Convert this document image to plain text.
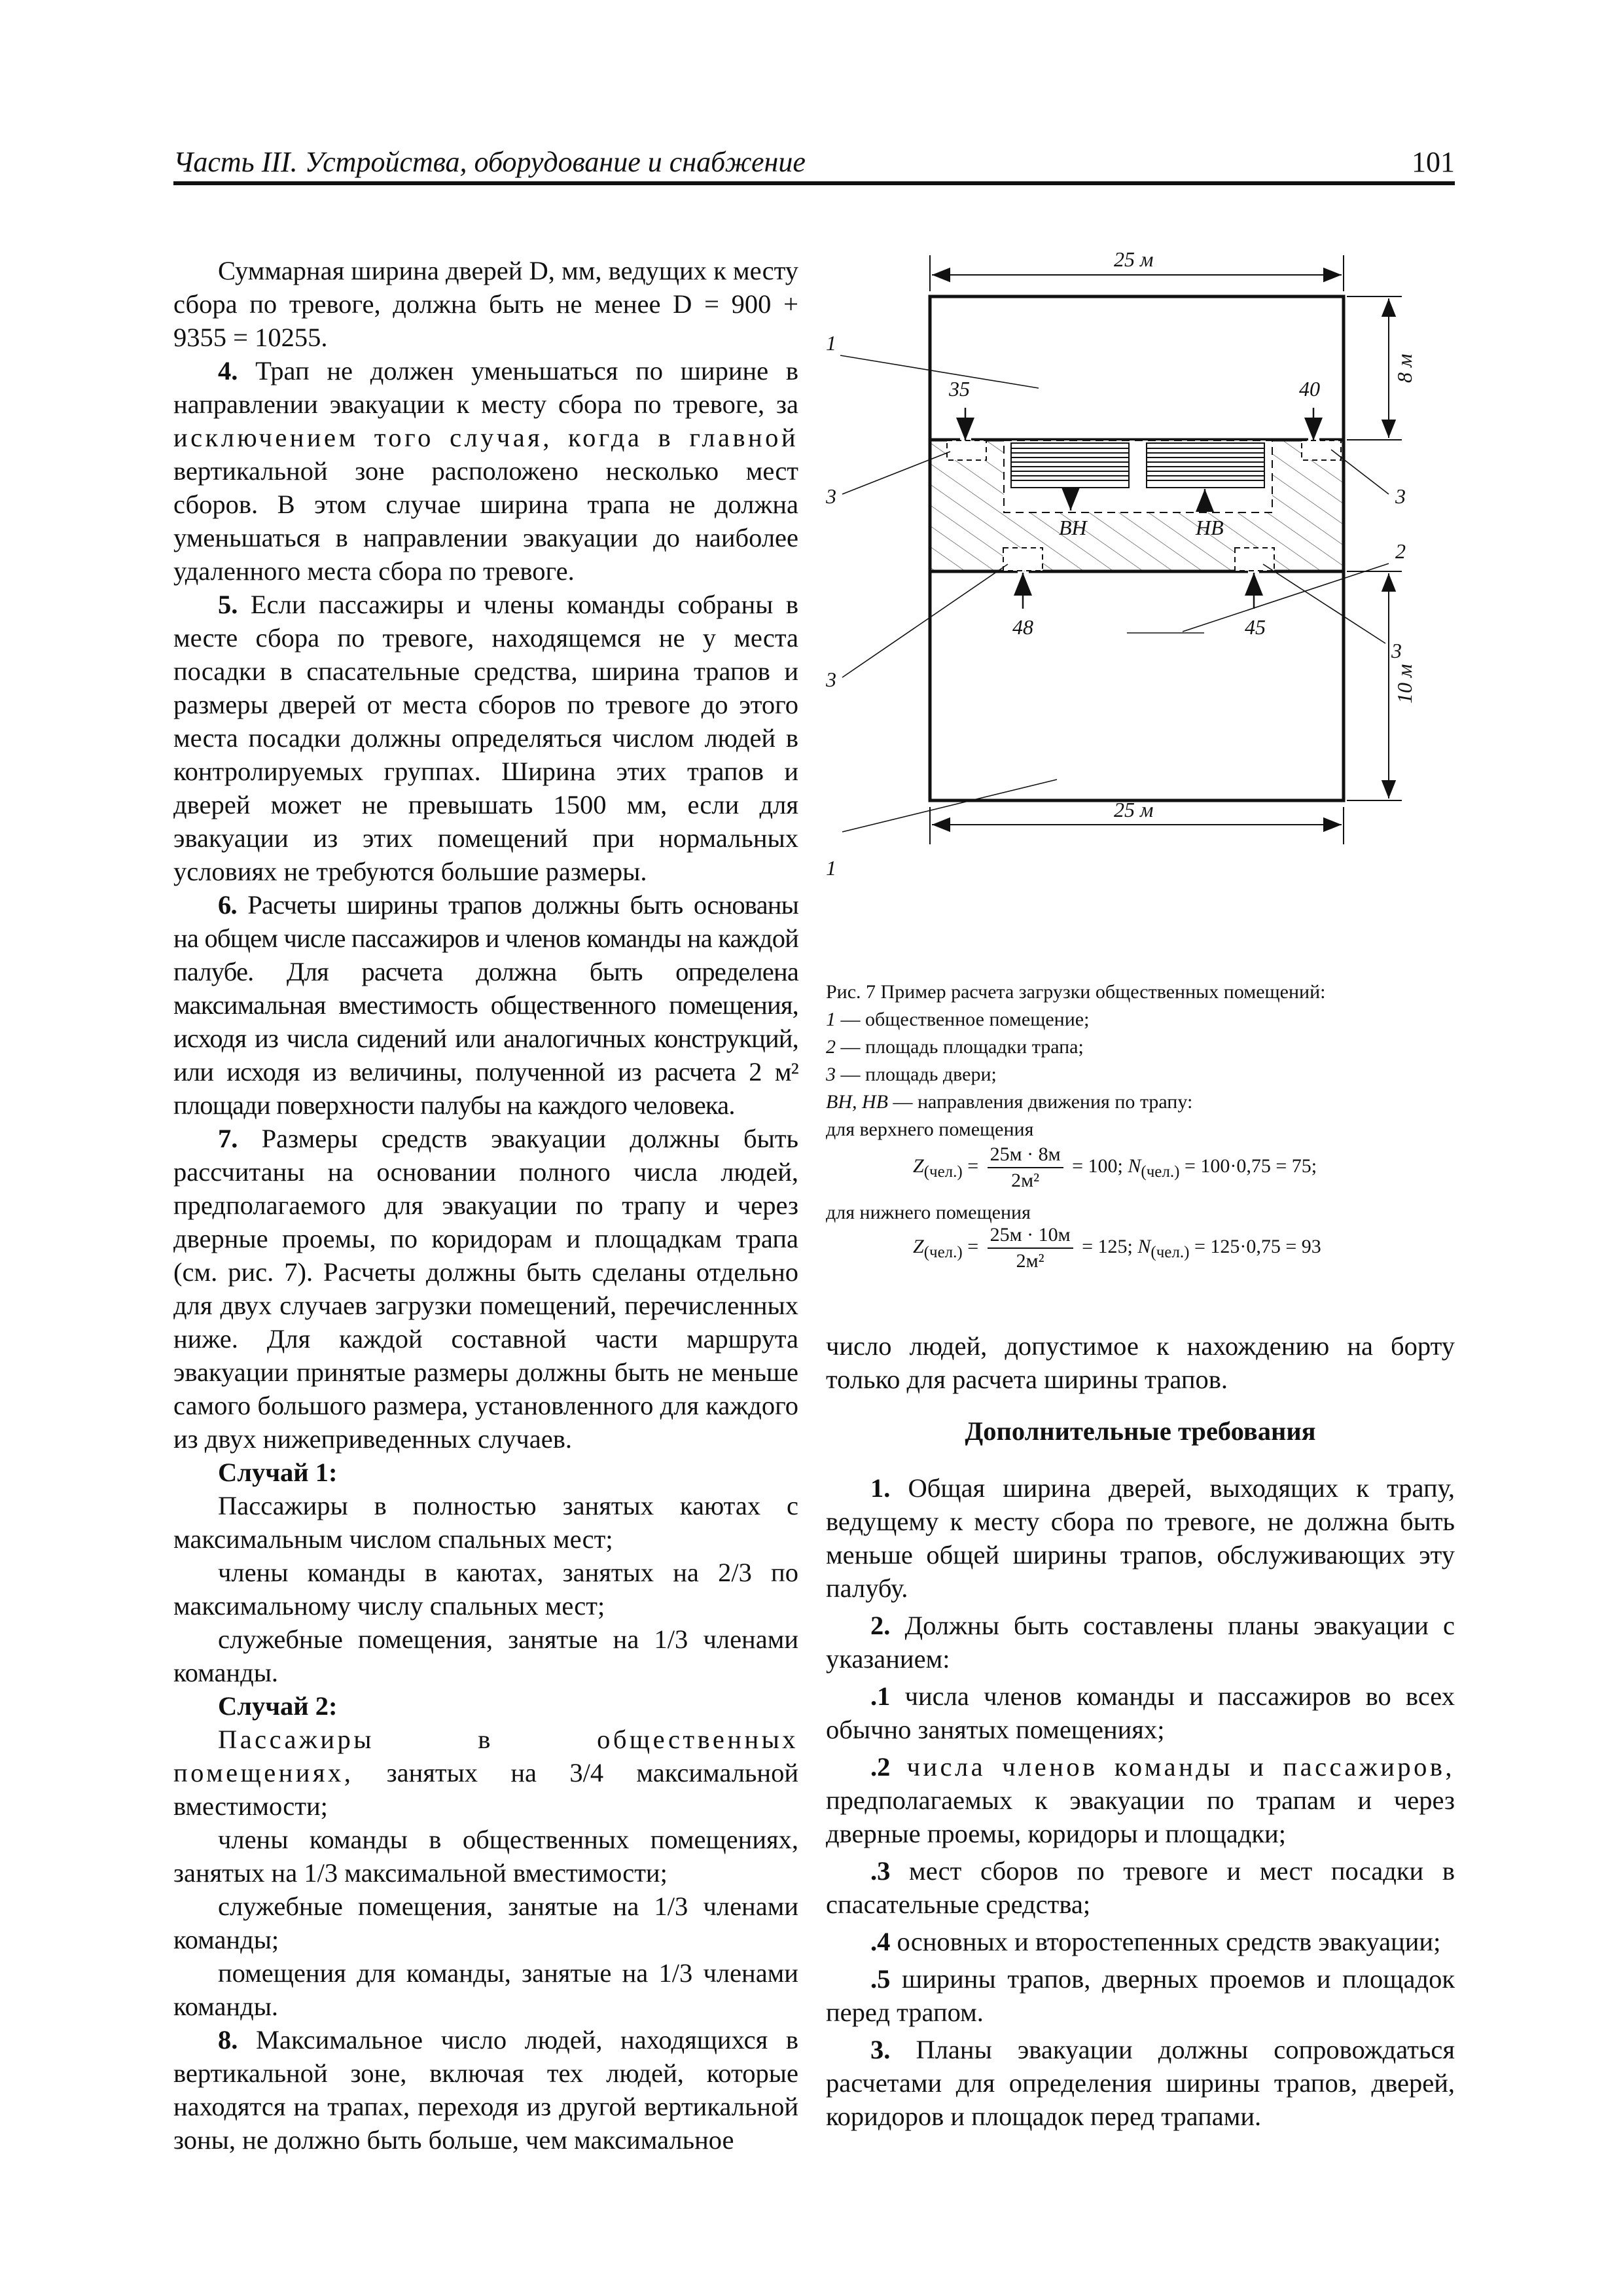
Часть III. Устройства, оборудование и снабжение	101

Суммарная ширина дверей D, мм, ведущих к месту сбора по тревоге, должна быть не менее D = 900 + 9355 = 10255.

4. Трап не должен уменьшаться по ширине в направлении эвакуации к месту сбора по тревоге, за исключением того случая, когда в главной вертикальной зоне расположено несколько мест сборов. В этом случае ширина трапа не должна уменьшаться в направлении эвакуации до наиболее удаленного места сбора по тревоге.

5. Если пассажиры и члены команды собраны в месте сбора по тревоге, находящемся не у места посадки в спасательные средства, ширина трапов и размеры дверей от места сборов по тревоге до этого места посадки должны определяться числом людей в контролируемых группах. Ширина этих трапов и дверей может не превышать 1500 мм, если для эвакуации из этих помещений при нормальных условиях не требуются большие размеры.

6. Расчеты ширины трапов должны быть основаны на общем числе пассажиров и членов команды на каждой палубе. Для расчета должна быть определена максимальная вместимость общественного помещения, исходя из числа сидений или аналогичных конструкций, или исходя из величины, полученной из расчета 2 м² площади поверхности палубы на каждого человека.

7. Размеры средств эвакуации должны быть рассчитаны на основании полного числа людей, предполагаемого для эвакуации по трапу и через дверные проемы, по коридорам и площадкам трапа (см. рис. 7). Расчеты должны быть сделаны отдельно для двух случаев загрузки помещений, перечисленных ниже. Для каждой составной части маршрута эвакуации принятые размеры должны быть не меньше самого большого размера, установленного для каждого из двух нижеприведенных случаев.

Случай 1:

Пассажиры в полностью занятых каютах с максимальным числом спальных мест;

члены команды в каютах, занятых на 2/3 по максимальному числу спальных мест;

служебные помещения, занятые на 1/3 членами команды.

Случай 2:

Пассажиры в общественных помещениях, занятых на 3/4 максимальной вместимости;

члены команды в общественных помещениях, занятых на 1/3 максимальной вместимости;

служебные помещения, занятые на 1/3 членами команды;

помещения для команды, занятые на 1/3 членами команды.

8. Максимальное число людей, находящихся в вертикальной зоне, включая тех людей, которые находятся на трапах, переходя из другой вертикальной зоны, не должно быть больше, чем максимальное

ВН	НВ
35	40
48	45
25 м
25 м
8 м
10 м
1
3	3
2
3
3
1

Рис. 7 Пример расчета загрузки общественных помещений:

1 — общественное помещение;

2 — площадь площадки трапа;

3 — площадь двери;

ВН, НВ — направления движения по трапу:

для верхнего помещения

$Z_{(чел.)} = \frac{25м \cdot 8м}{\text{2м²}} = 100$; $N_{(чел.)} = 100\cdot 0,75 = 75$;

для нижнего помещения

$Z_{(чел.)} = \frac{25м \cdot 10м}{\text{2м²}} = 125$; $N_{(чел.)} = 125\cdot 0,75 = 93$

число людей, допустимое к нахождению на борту только для расчета ширины трапов.

Дополнительные требования

1. Общая ширина дверей, выходящих к трапу, ведущему к месту сбора по тревоге, не должна быть меньше общей ширины трапов, обслуживающих эту палубу.

2. Должны быть составлены планы эвакуации с указанием:

.1 числа членов команды и пассажиров во всех обычно занятых помещениях;

.2 числа членов команды и пассажиров, предполагаемых к эвакуации по трапам и через дверные проемы, коридоры и площадки;

.3 мест сборов по тревоге и мест посадки в спасательные средства;

.4 основных и второстепенных средств эвакуации;

.5 ширины трапов, дверных проемов и площадок перед трапом.

3. Планы эвакуации должны сопровождаться расчетами для определения ширины трапов, дверей, коридоров и площадок перед трапами.
